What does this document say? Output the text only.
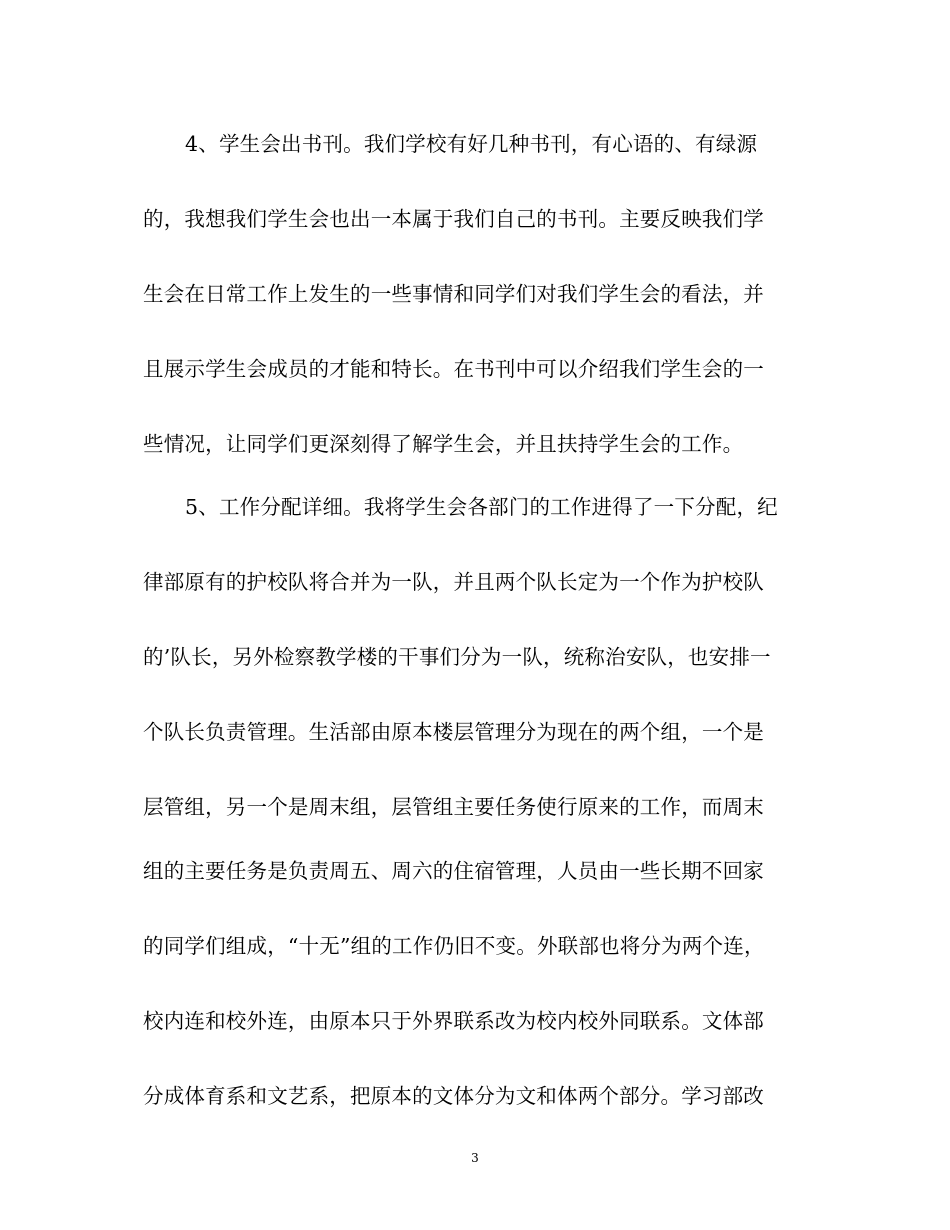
4、学生会出书刊。我们学校有好几种书刊，有心语的、有绿源
的，我想我们学生会也出一本属于我们自己的书刊。主要反映我们学
生会在日常工作上发生的一些事情和同学们对我们学生会的看法，并
且展示学生会成员的才能和特长。在书刊中可以介绍我们学生会的一
些情况，让同学们更深刻得了解学生会，并且扶持学生会的工作。
5、工作分配详细。我将学生会各部门的工作进得了一下分配，纪
律部原有的护校队将合并为一队，并且两个队长定为一个作为护校队
的’队长，另外检察教学楼的干事们分为一队，统称治安队，也安排一
个队长负责管理。生活部由原本楼层管理分为现在的两个组，一个是
层管组，另一个是周末组，层管组主要任务使行原来的工作，而周末
组的主要任务是负责周五、周六的住宿管理，人员由一些长期不回家
的同学们组成，“十无”组的工作仍旧不变。外联部也将分为两个连，
校内连和校外连，由原本只于外界联系改为校内校外同联系。文体部
分成体育系和文艺系，把原本的文体分为文和体两个部分。学习部改
3
